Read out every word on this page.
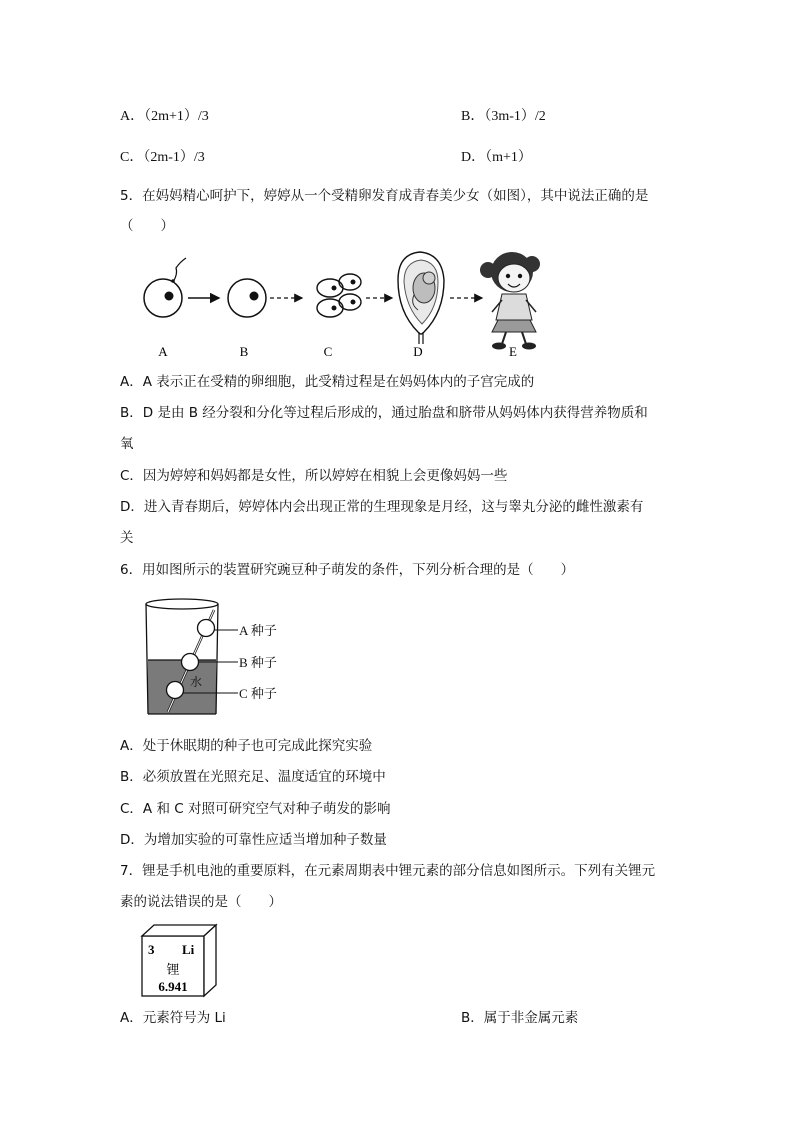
A．（2m+1）/3	B．（3m-1）/2
C．（2m-1）/3	D．（m+1）
5．在妈妈精心呵护下，婷婷从一个受精卵发育成青春美少女（如图），其中说法正确的是
（　　）
A	B	C	D	E
A．A 表示正在受精的卵细胞，此受精过程是在妈妈体内的子宫完成的
B．D 是由 B 经分裂和分化等过程后形成的，通过胎盘和脐带从妈妈体内获得营养物质和
氧
C．因为婷婷和妈妈都是女性，所以婷婷在相貌上会更像妈妈一些
D．进入青春期后，婷婷体内会出现正常的生理现象是月经，这与睾丸分泌的雌性激素有
关
6．用如图所示的装置研究豌豆种子萌发的条件，下列分析合理的是（　　）
水
A 种子
B 种子
C 种子
A．处于休眠期的种子也可完成此探究实验
B．必须放置在光照充足、温度适宜的环境中
C．A 和 C 对照可研究空气对种子萌发的影响
D．为增加实验的可靠性应适当增加种子数量
7．锂是手机电池的重要原料，在元素周期表中锂元素的部分信息如图所示。下列有关锂元
素的说法错误的是（　　）
3 Li
锂
6.941
A．元素符号为 Li	B．属于非金属元素
